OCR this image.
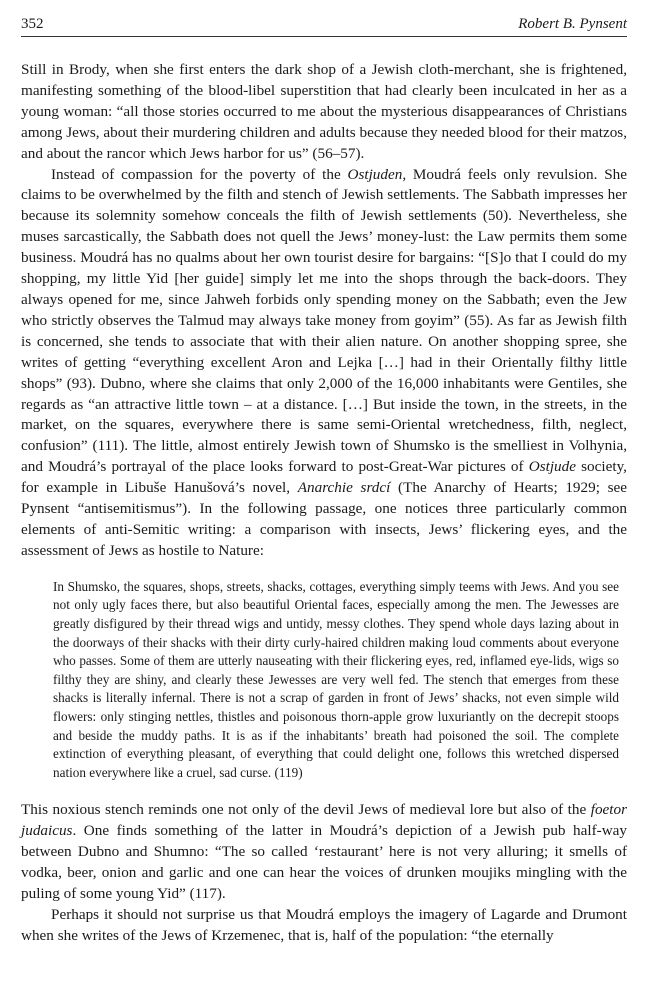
352	Robert B. Pynsent

Still in Brody, when she first enters the dark shop of a Jewish cloth-merchant, she is frightened, manifesting something of the blood-libel superstition that had clearly been inculcated in her as a young woman: “all those stories occurred to me about the mysterious disappearances of Christians among Jews, about their murdering children and adults because they needed blood for their matzos, and about the rancor which Jews harbor for us” (56–57).

Instead of compassion for the poverty of the Ostjuden, Moudrá feels only revulsion. She claims to be overwhelmed by the filth and stench of Jewish settlements. The Sabbath impresses her because its solemnity somehow conceals the filth of Jewish settlements (50). Nevertheless, she muses sarcastically, the Sabbath does not quell the Jews’ money-lust: the Law permits them some business. Moudrá has no qualms about her own tourist desire for bargains: “[S]o that I could do my shopping, my little Yid [her guide] simply let me into the shops through the back-doors. They always opened for me, since Jahweh forbids only spending money on the Sabbath; even the Jew who strictly observes the Talmud may always take money from goyim” (55). As far as Jewish filth is concerned, she tends to associate that with their alien nature. On another shopping spree, she writes of getting “everything excellent Aron and Lejka […] had in their Orientally filthy little shops” (93). Dubno, where she claims that only 2,000 of the 16,000 inhabitants were Gentiles, she regards as “an attractive little town – at a distance. […] But inside the town, in the streets, in the market, on the squares, everywhere there is same semi-Oriental wretchedness, filth, neglect, confusion” (111). The little, almost entirely Jewish town of Shumsko is the smelliest in Volhynia, and Moudrá’s portrayal of the place looks forward to post-Great-War pictures of Ostjude society, for example in Libuše Hanušová’s novel, Anarchie srdcí (The Anarchy of Hearts; 1929; see Pynsent “antisemitismus”). In the following passage, one notices three particularly common elements of anti-Semitic writing: a comparison with insects, Jews’ flickering eyes, and the assessment of Jews as hostile to Nature:

In Shumsko, the squares, shops, streets, shacks, cottages, everything simply teems with Jews. And you see not only ugly faces there, but also beautiful Oriental faces, especially among the men. The Jewesses are greatly disfigured by their thread wigs and untidy, messy clothes. They spend whole days lazing about in the doorways of their shacks with their dirty curly-haired children making loud comments about everyone who passes. Some of them are utterly nauseating with their flickering eyes, red, inflamed eye-lids, wigs so filthy they are shiny, and clearly these Jewesses are very well fed. The stench that emerges from these shacks is literally infernal. There is not a scrap of garden in front of Jews’ shacks, not even simple wild flowers: only stinging nettles, thistles and poisonous thorn-apple grow luxuriantly on the decrepit stoops and beside the muddy paths. It is as if the inhabitants’ breath had poisoned the soil. The complete extinction of everything pleasant, of everything that could delight one, follows this wretched dispersed nation everywhere like a cruel, sad curse. (119)

This noxious stench reminds one not only of the devil Jews of medieval lore but also of the foetor judaicus. One finds something of the latter in Moudrá’s depiction of a Jewish pub half-way between Dubno and Shumno: “The so called ‘restaurant’ here is not very alluring; it smells of vodka, beer, onion and garlic and one can hear the voices of drunken moujiks mingling with the puling of some young Yid” (117).

Perhaps it should not surprise us that Moudrá employs the imagery of Lagarde and Drumont when she writes of the Jews of Krzemenec, that is, half of the population: “the eternally
